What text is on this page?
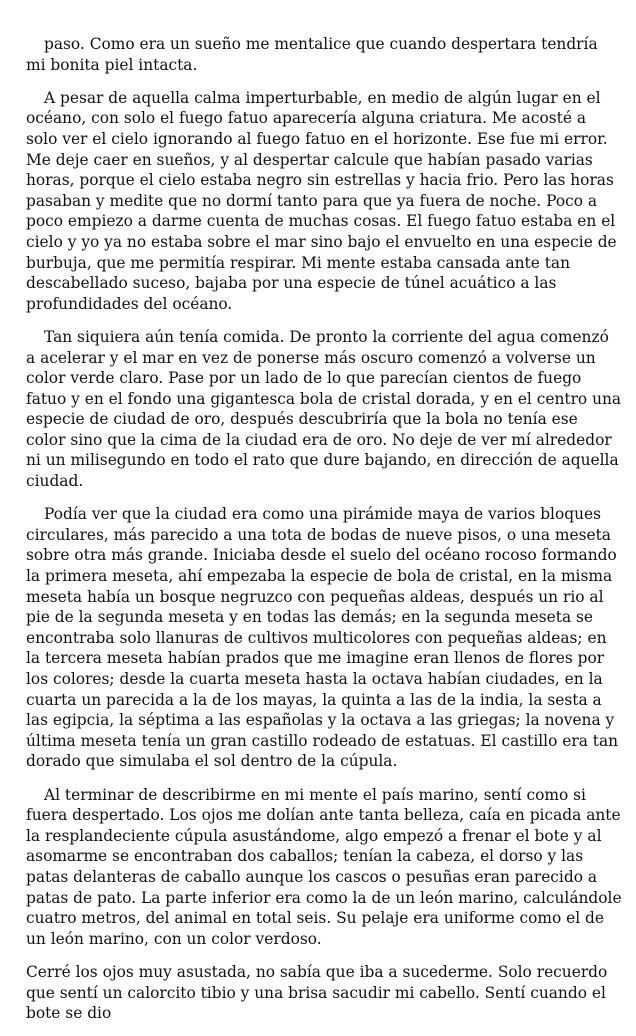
paso. Como era un sueño me mentalice que cuando despertara tendría mi bonita piel intacta.

A pesar de aquella calma imperturbable, en medio de algún lugar en el océano, con solo el fuego fatuo aparecería alguna criatura. Me acosté a solo ver el cielo ignorando al fuego fatuo en el horizonte. Ese fue mi error. Me deje caer en sueños, y al despertar calcule que habían pasado varias horas, porque el cielo estaba negro sin estrellas y hacia frio. Pero las horas pasaban y medite que no dormí tanto para que ya fuera de noche. Poco a poco empiezo a darme cuenta de muchas cosas. El fuego fatuo estaba en el cielo y yo ya no estaba sobre el mar sino bajo el envuelto en una especie de burbuja, que me permitía respirar. Mi mente estaba cansada ante tan descabellado suceso, bajaba por una especie de túnel acuático a las profundidades del océano.

Tan siquiera aún tenía comida. De pronto la corriente del agua comenzó a acelerar y el mar en vez de ponerse más oscuro comenzó a volverse un color verde claro. Pase por un lado de lo que parecían cientos de fuego fatuo y en el fondo una gigantesca bola de cristal dorada, y en el centro una especie de ciudad de oro, después descubriría que la bola no tenía ese color sino que la cima de la ciudad era de oro. No deje de ver mí alrededor ni un milisegundo en todo el rato que dure bajando, en dirección de aquella ciudad.

Podía ver que la ciudad era como una pirámide maya de varios bloques circulares, más parecido a una tota de bodas de nueve pisos, o una meseta sobre otra más grande. Iniciaba desde el suelo del océano rocoso formando la primera meseta, ahí empezaba la especie de bola de cristal, en la misma meseta había un bosque negruzco con pequeñas aldeas, después un rio al pie de la segunda meseta y en todas las demás; en la segunda meseta se encontraba solo llanuras de cultivos multicolores con pequeñas aldeas; en la tercera meseta habían prados que me imagine eran llenos de flores por los colores; desde la cuarta meseta hasta la octava habían ciudades, en la cuarta un parecida a la de los mayas, la quinta a las de la india, la sesta a las egipcia, la séptima a las españolas y la octava a las griegas; la novena y última meseta tenía un gran castillo rodeado de estatuas. El castillo era tan dorado que simulaba el sol dentro de la cúpula.

Al terminar de describirme en mi mente el país marino, sentí como si fuera despertado. Los ojos me dolían ante tanta belleza, caía en picada ante la resplandeciente cúpula asustándome, algo empezó a frenar el bote y al asomarme se encontraban dos caballos; tenían la cabeza, el dorso y las patas delanteras de caballo aunque los cascos o pesuñas eran parecido a patas de pato. La parte inferior era como la de un león marino, calculándole cuatro metros, del animal en total seis. Su pelaje era uniforme como el de un león marino, con un color verdoso.

Cerré los ojos muy asustada, no sabía que iba a sucederme. Solo recuerdo que sentí un calorcito tibio y una brisa sacudir mi cabello. Sentí cuando el bote se dio
